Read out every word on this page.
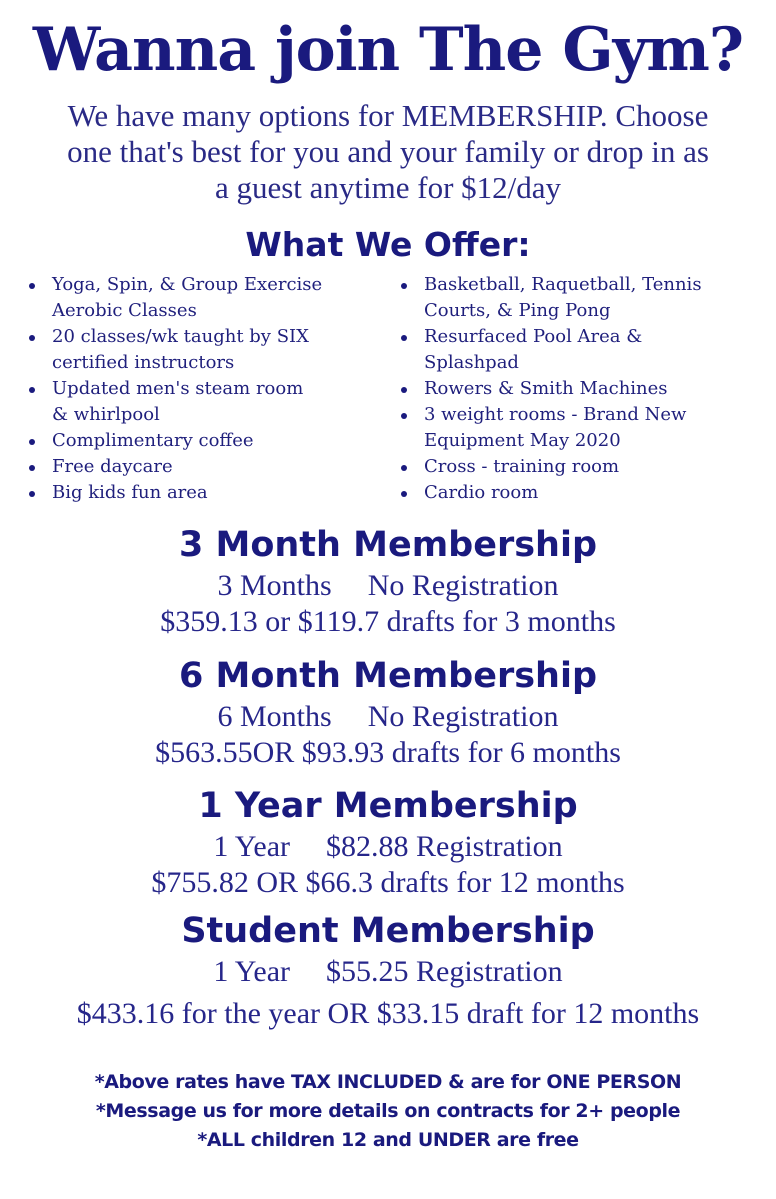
Wanna join The Gym?
We have many options for MEMBERSHIP. Choose
one that's best for you and your family or drop in as
a guest anytime for $12/day
What We Offer:
Yoga, Spin, & Group Exercise
Aerobic Classes
20 classes/wk taught by SIX
certified instructors
Updated men's steam room
& whirlpool
Complimentary coffee
Free daycare
Big kids fun area
Basketball, Raquetball, Tennis
Courts, & Ping Pong
Resurfaced Pool Area &
Splashpad
Rowers & Smith Machines
3 weight rooms - Brand New
Equipment May 2020
Cross - training room
Cardio room
3 Month Membership
3 Months No Registration
$359.13 or $119.7 drafts for 3 months
6 Month Membership
6 Months No Registration
$563.55OR $93.93 drafts for 6 months
1 Year Membership
1 Year $82.88 Registration
$755.82 OR $66.3 drafts for 12 months
Student Membership
1 Year $55.25 Registration
$433.16 for the year OR $33.15 draft for 12 months
*Above rates have TAX INCLUDED & are for ONE PERSON
*Message us for more details on contracts for 2+ people
*ALL children 12 and UNDER are free
